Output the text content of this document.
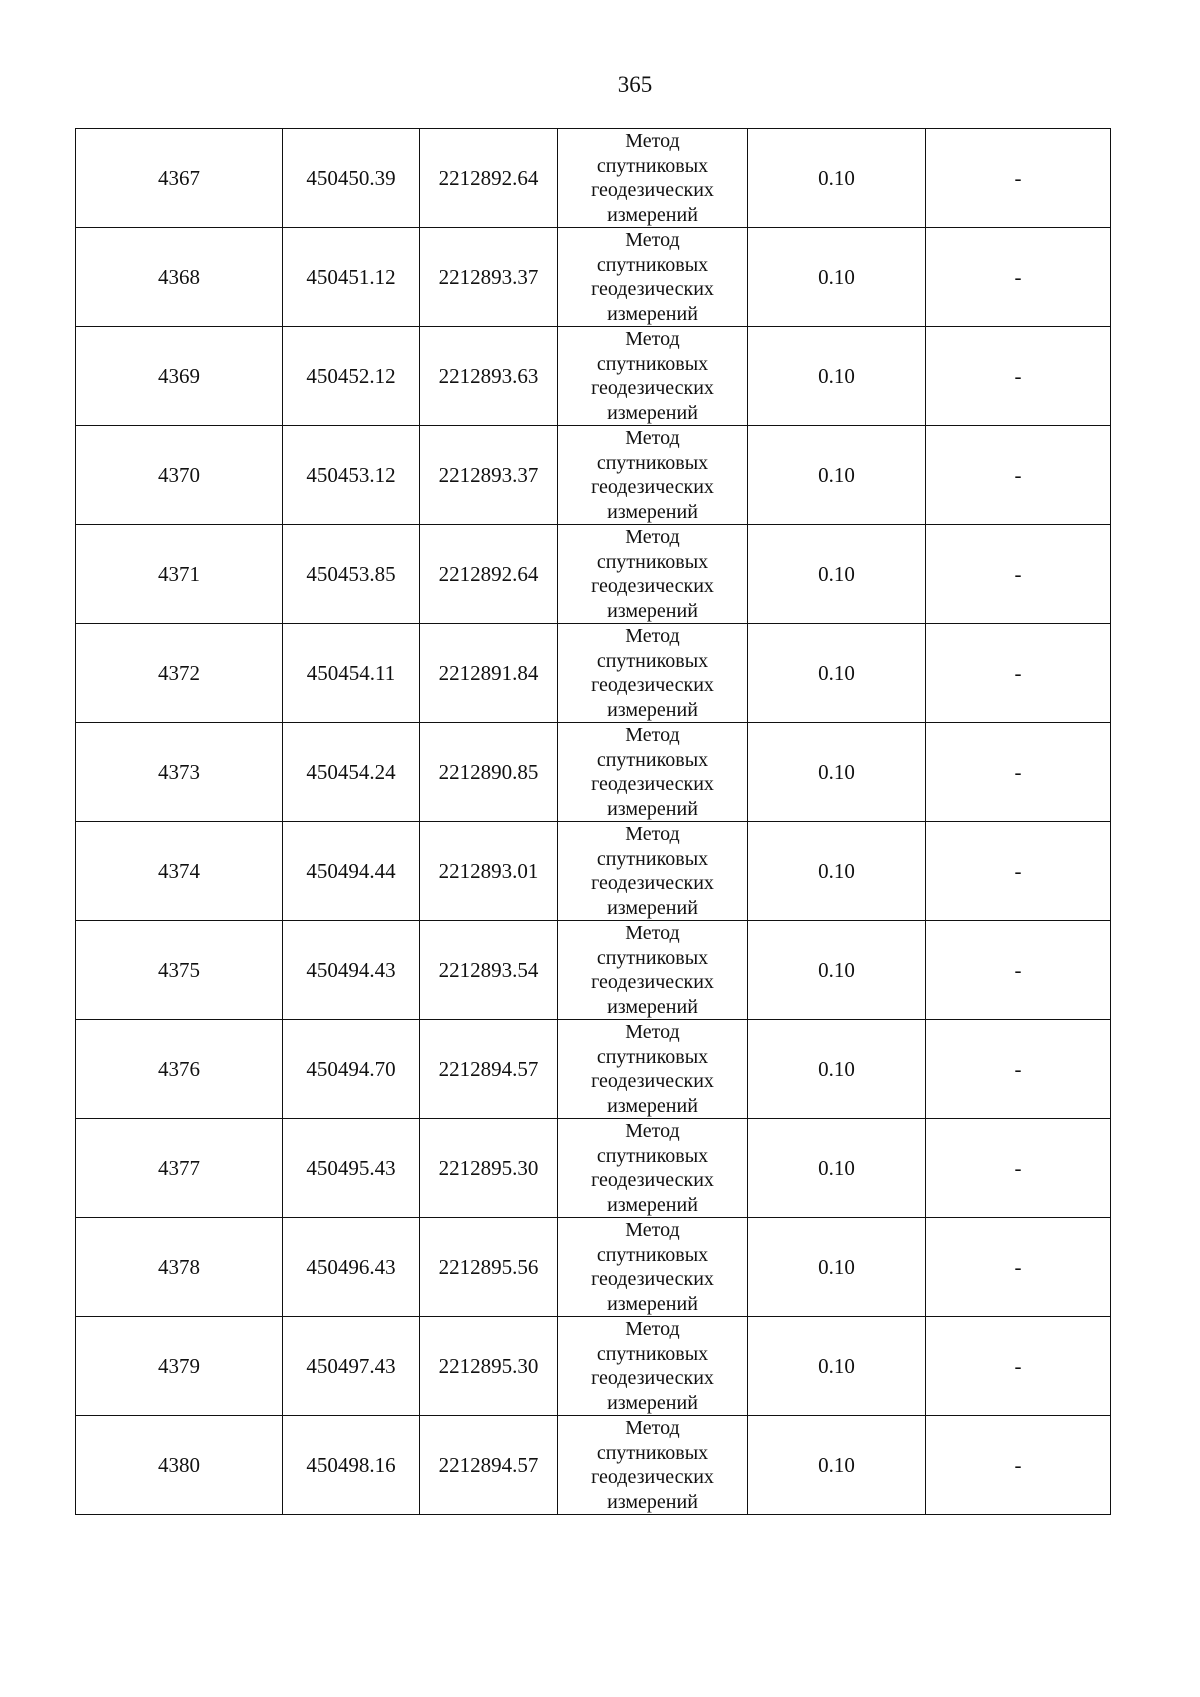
365
4367	450450.39	2212892.64	Метод
спутниковых
геодезических
измерений	0.10	-
4368	450451.12	2212893.37	Метод
спутниковых
геодезических
измерений	0.10	-
4369	450452.12	2212893.63	Метод
спутниковых
геодезических
измерений	0.10	-
4370	450453.12	2212893.37	Метод
спутниковых
геодезических
измерений	0.10	-
4371	450453.85	2212892.64	Метод
спутниковых
геодезических
измерений	0.10	-
4372	450454.11	2212891.84	Метод
спутниковых
геодезических
измерений	0.10	-
4373	450454.24	2212890.85	Метод
спутниковых
геодезических
измерений	0.10	-
4374	450494.44	2212893.01	Метод
спутниковых
геодезических
измерений	0.10	-
4375	450494.43	2212893.54	Метод
спутниковых
геодезических
измерений	0.10	-
4376	450494.70	2212894.57	Метод
спутниковых
геодезических
измерений	0.10	-
4377	450495.43	2212895.30	Метод
спутниковых
геодезических
измерений	0.10	-
4378	450496.43	2212895.56	Метод
спутниковых
геодезических
измерений	0.10	-
4379	450497.43	2212895.30	Метод
спутниковых
геодезических
измерений	0.10	-
4380	450498.16	2212894.57	Метод
спутниковых
геодезических
измерений	0.10	-
